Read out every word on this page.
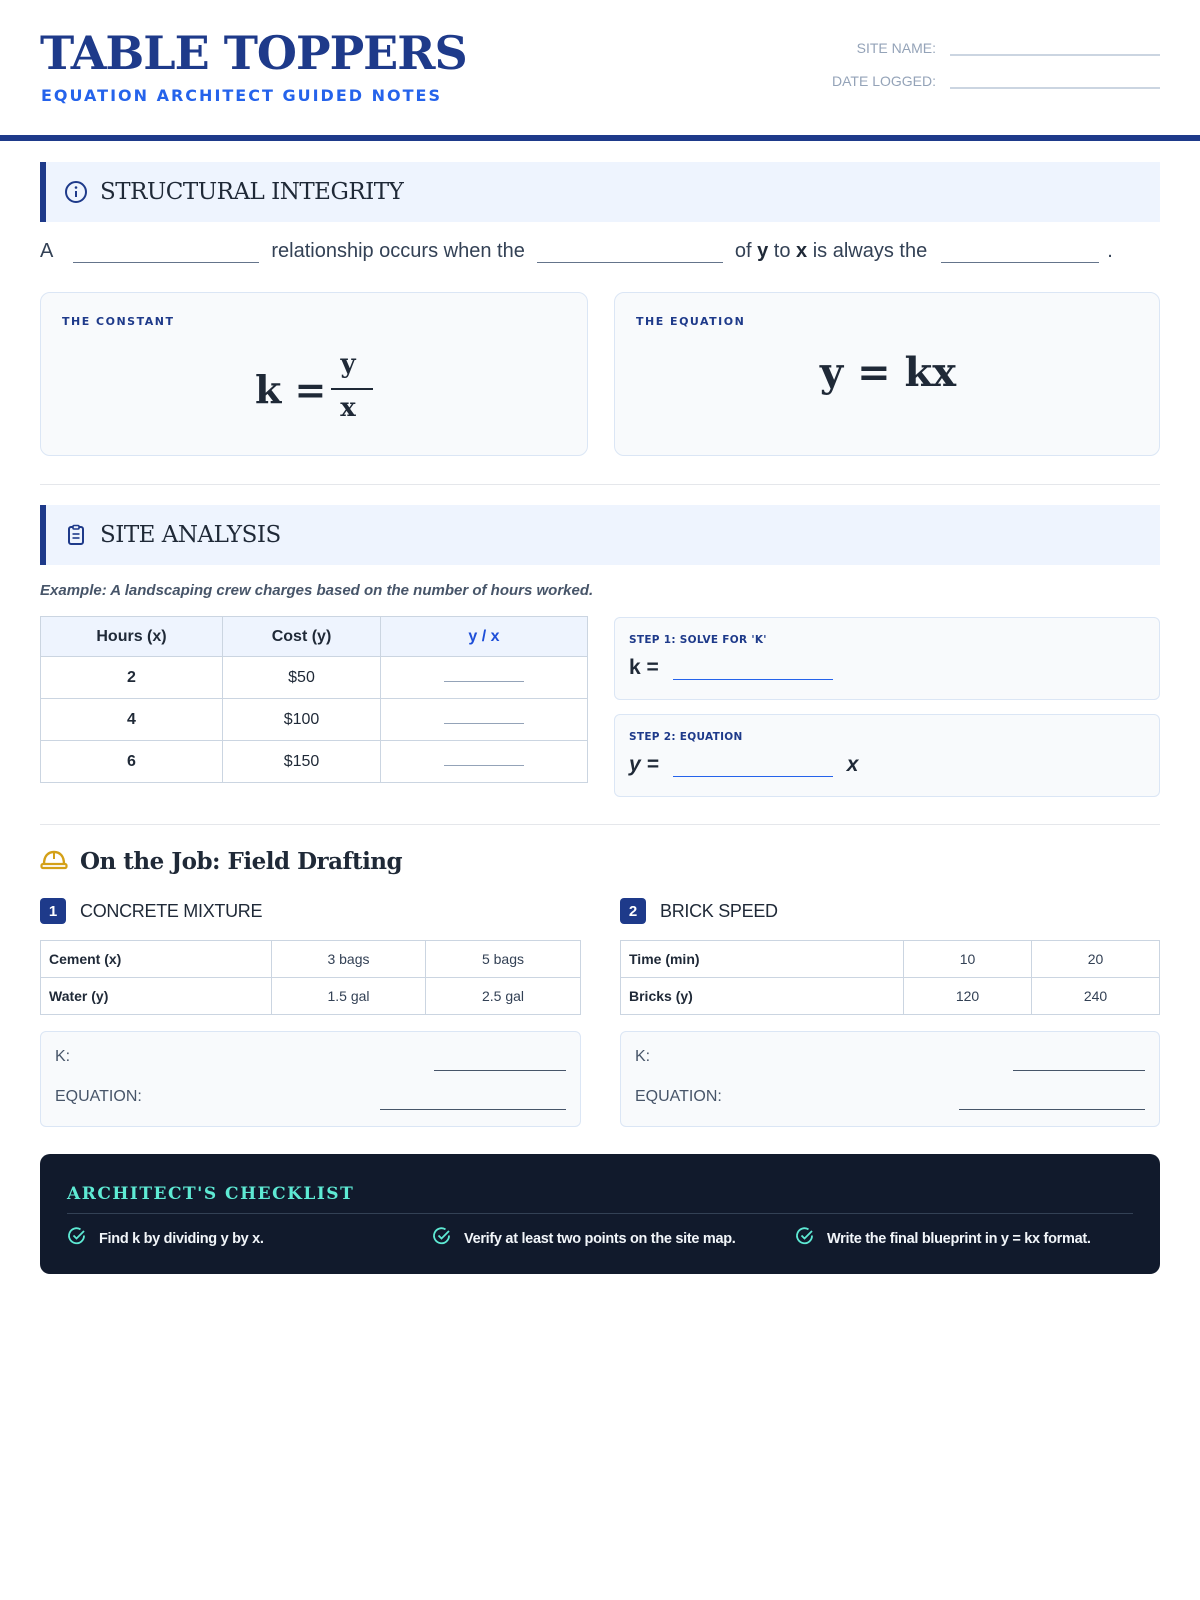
TABLE TOPPERS
EQUATION ARCHITECT GUIDED NOTES
SITE NAME:
DATE LOGGED:
STRUCTURAL INTEGRITY
A	relationship occurs when the	of
y
to
x
is always the	.
THE CONSTANT
k =
y
x
THE EQUATION
y = kx
SITE ANALYSIS
Example: A landscaping crew charges based on the number of hours worked.
Hours (x)	Cost (y)	y / x
2	$50	
4	$100	
6	$150	
STEP 1: SOLVE FOR 'K'
k =
STEP 2: EQUATION
y =	x
On the Job: Field Drafting
1	CONCRETE MIXTURE
Cement (x)	3 bags	5 bags
Water (y)	1.5 gal	2.5 gal
K:
EQUATION:
2	BRICK SPEED
Time (min)	10	20
Bricks (y)	120	240
K:
EQUATION:
ARCHITECT'S CHECKLIST
Find k by dividing y by x.	Verify at least two points on the site map.	Write the final blueprint in y = kx format.
